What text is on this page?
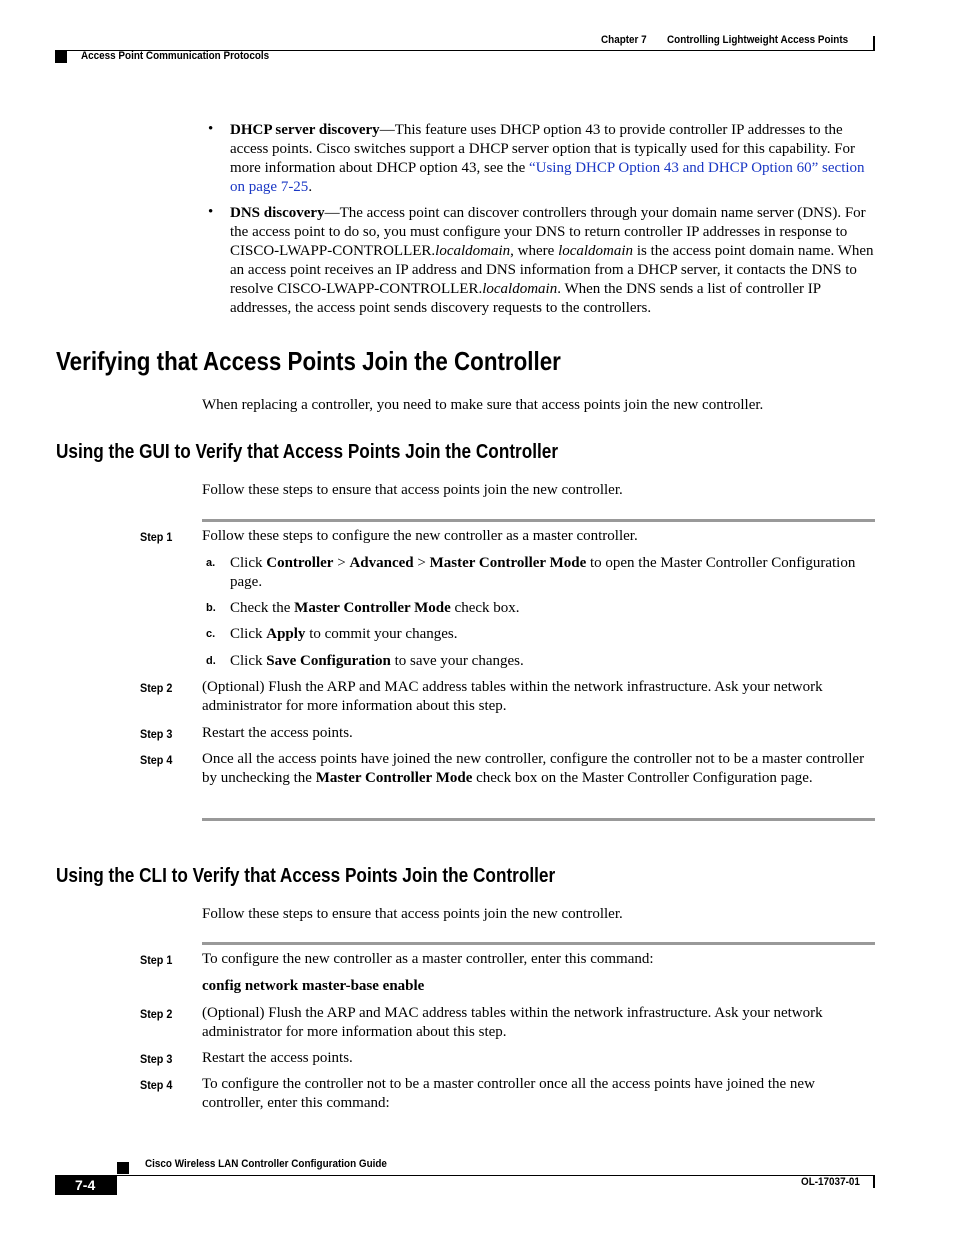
Chapter 7 Controlling Lightweight Access Points
Access Point Communication Protocols
• DHCP server discovery—This feature uses DHCP option 43 to provide controller IP addresses to the access points. Cisco switches support a DHCP server option that is typically used for this capability. For more information about DHCP option 43, see the “Using DHCP Option 43 and DHCP Option 60” section on page 7-25.
• DNS discovery—The access point can discover controllers through your domain name server (DNS). For the access point to do so, you must configure your DNS to return controller IP addresses in response to CISCO-LWAPP-CONTROLLER.localdomain, where localdomain is the access point domain name. When an access point receives an IP address and DNS information from a DHCP server, it contacts the DNS to resolve CISCO-LWAPP-CONTROLLER.localdomain. When the DNS sends a list of controller IP addresses, the access point sends discovery requests to the controllers.
Verifying that Access Points Join the Controller
When replacing a controller, you need to make sure that access points join the new controller.
Using the GUI to Verify that Access Points Join the Controller
Follow these steps to ensure that access points join the new controller.
Step 1 Follow these steps to configure the new controller as a master controller.
a. Click Controller > Advanced > Master Controller Mode to open the Master Controller Configuration page.
b. Check the Master Controller Mode check box.
c. Click Apply to commit your changes.
d. Click Save Configuration to save your changes.
Step 2 (Optional) Flush the ARP and MAC address tables within the network infrastructure. Ask your network administrator for more information about this step.
Step 3 Restart the access points.
Step 4 Once all the access points have joined the new controller, configure the controller not to be a master controller by unchecking the Master Controller Mode check box on the Master Controller Configuration page.
Using the CLI to Verify that Access Points Join the Controller
Follow these steps to ensure that access points join the new controller.
Step 1 To configure the new controller as a master controller, enter this command:
config network master-base enable
Step 2 (Optional) Flush the ARP and MAC address tables within the network infrastructure. Ask your network administrator for more information about this step.
Step 3 Restart the access points.
Step 4 To configure the controller not to be a master controller once all the access points have joined the new controller, enter this command:
Cisco Wireless LAN Controller Configuration Guide
7-4	OL-17037-01
